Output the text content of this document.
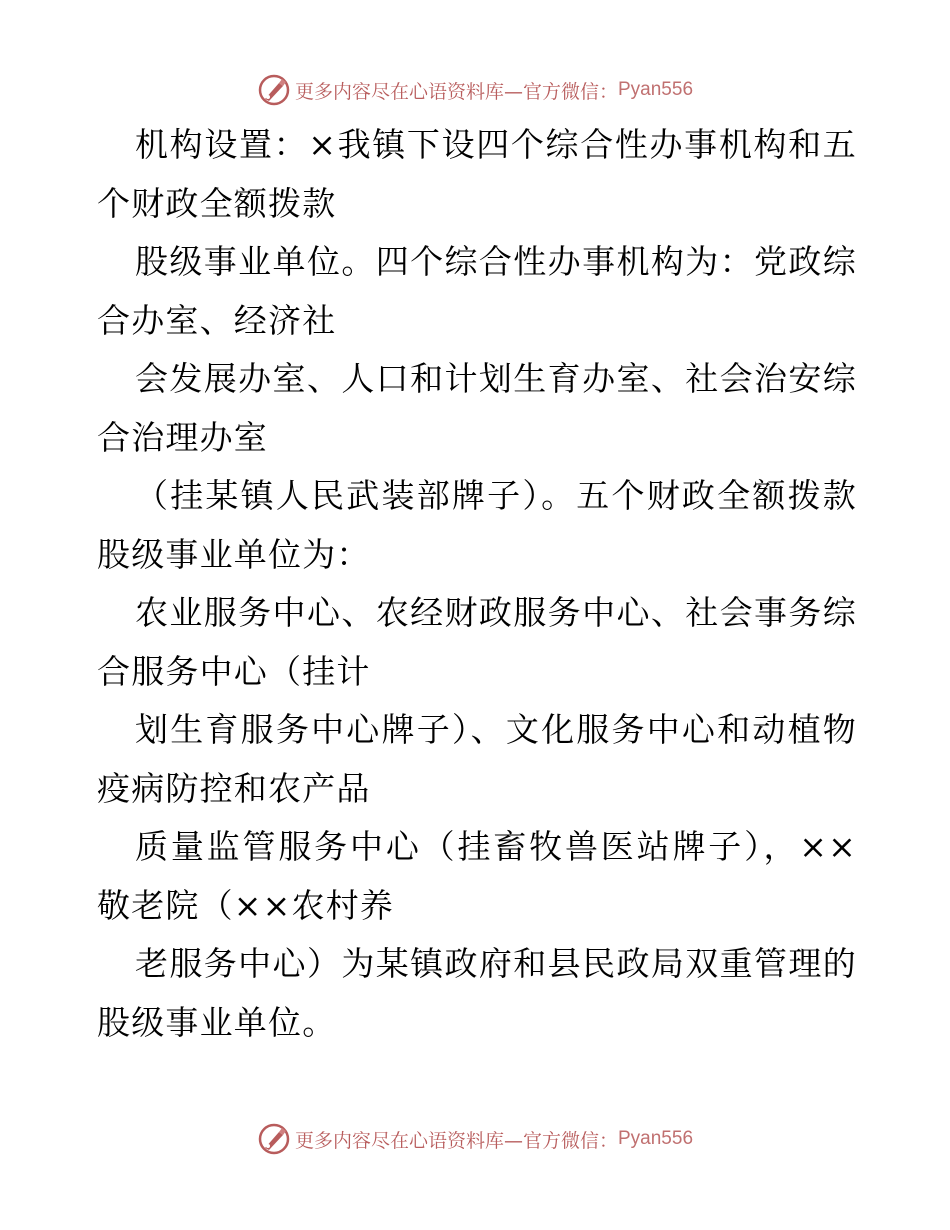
更多内容尽在心语资料库—官方微信： Pyan556

机构设置：×我镇下设四个综合性办事机构和五个财政全额拨款

股级事业单位。四个综合性办事机构为：党政综合办室、经济社

会发展办室、人口和计划生育办室、社会治安综合治理办室

（挂某镇人民武装部牌子）。五个财政全额拨款股级事业单位为：

农业服务中心、农经财政服务中心、社会事务综合服务中心（挂计

划生育服务中心牌子）、文化服务中心和动植物疫病防控和农产品

质量监管服务中心（挂畜牧兽医站牌子），××敬老院（××农村养

老服务中心）为某镇政府和县民政局双重管理的股级事业单位。

更多内容尽在心语资料库—官方微信： Pyan556
